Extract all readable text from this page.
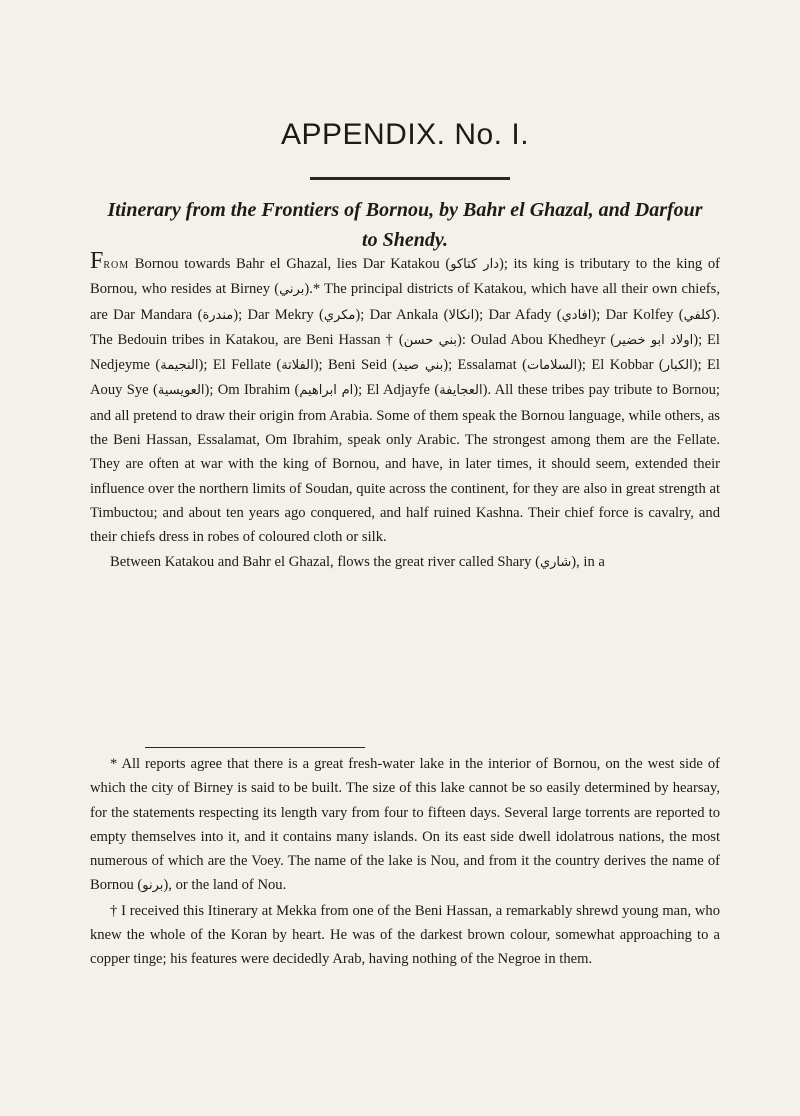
APPENDIX. No. I.
Itinerary from the Frontiers of Bornou, by Bahr el Ghazal, and Darfour
to Shendy.

From Bornou towards Bahr el Ghazal, lies Dar Katakou (دار كتاكو); its king is tributary to the king of Bornou, who resides at Birney (برني).* The principal districts of Katakou, which have all their own chiefs, are Dar Mandara (مندرة); Dar Mekry (مكري); Dar Ankala (انكالا); Dar Afady (افادي); Dar Kolfey (كلفي). The Bedouin tribes in Katakou, are Beni Hassan † (بني حسن): Oulad Abou Khedheyr (اولاد ابو خضير); El Nedjeyme (النجيمة); El Fellate (الفلاتة); Beni Seid (بني صيد); Essalamat (السلامات); El Kobbar (الكبار); El Aouy Sye (العويسية); Om Ibrahim (ام ابراهيم); El Adjayfe (العجايفة). All these tribes pay tribute to Bornou; and all pretend to draw their origin from Arabia. Some of them speak the Bornou language, while others, as the Beni Hassan, Essalamat, Om Ibrahim, speak only Arabic. The strongest among them are the Fellate. They are often at war with the king of Bornou, and have, in later times, it should seem, extended their influence over the northern limits of Soudan, quite across the continent, for they are also in great strength at Timbuctou; and about ten years ago conquered, and half ruined Kashna. Their chief force is cavalry, and their chiefs dress in robes of coloured cloth or silk.

Between Katakou and Bahr el Ghazal, flows the great river called Shary (شاري), in a

* All reports agree that there is a great fresh-water lake in the interior of Bornou, on the west side of which the city of Birney is said to be built. The size of this lake cannot be so easily determined by hearsay, for the statements respecting its length vary from four to fifteen days. Several large torrents are reported to empty themselves into it, and it contains many islands. On its east side dwell idolatrous nations, the most numerous of which are the Voey. The name of the lake is Nou, and from it the country derives the name of Bornou (برنو), or the land of Nou.

† I received this Itinerary at Mekka from one of the Beni Hassan, a remarkably shrewd young man, who knew the whole of the Koran by heart. He was of the darkest brown colour, somewhat approaching to a copper tinge; his features were decidedly Arab, having nothing of the Negroe in them.
